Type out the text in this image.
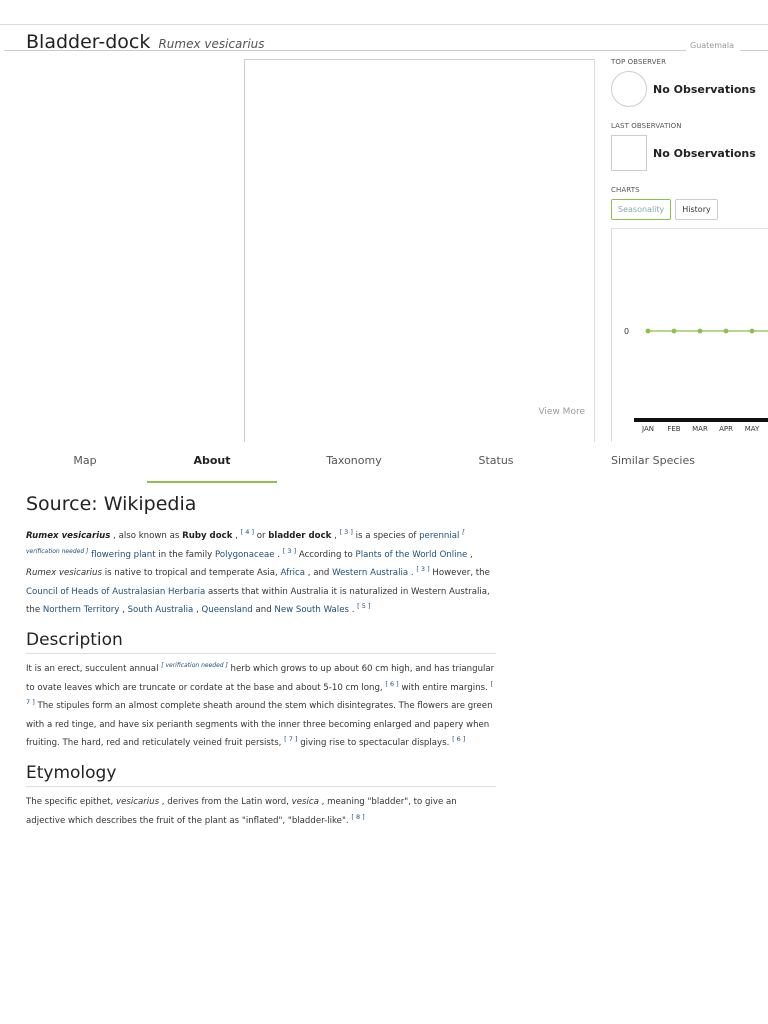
Bladder-dock Rumex vesicarius	Guatemala
View More
TOP OBSERVER
No Observations
LAST OBSERVATION
No Observations
CHARTS
Seasonality	History
0
JAN FEB MAR APR MAY
Map	About	Taxonomy	Status	Similar Species
Source: Wikipedia

Rumex vesicarius , also known as Ruby dock , [ 4 ] or bladder dock , [ 3 ] is a species of perennial [ verification needed ] flowering plant in the family Polygonaceae . [ 3 ] According to Plants of the World Online , Rumex vesicarius is native to tropical and temperate Asia, Africa , and Western Australia . [ 3 ] However, the Council of Heads of Australasian Herbaria asserts that within Australia it is naturalized in Western Australia, the Northern Territory , South Australia , Queensland and New South Wales . [ 5 ]

Description

It is an erect, succulent annual [ verification needed ] herb which grows to up about 60 cm high, and has triangular to ovate leaves which are truncate or cordate at the base and about 5-10 cm long, [ 6 ] with entire margins. [ 7 ] The stipules form an almost complete sheath around the stem which disintegrates. The flowers are green with a red tinge, and have six perianth segments with the inner three becoming enlarged and papery when fruiting. The hard, red and reticulately veined fruit persists, [ 7 ] giving rise to spectacular displays. [ 6 ]

Etymology

The specific epithet, vesicarius , derives from the Latin word, vesica , meaning "bladder", to give an adjective which describes the fruit of the plant as "inflated", "bladder-like". [ 8 ]
